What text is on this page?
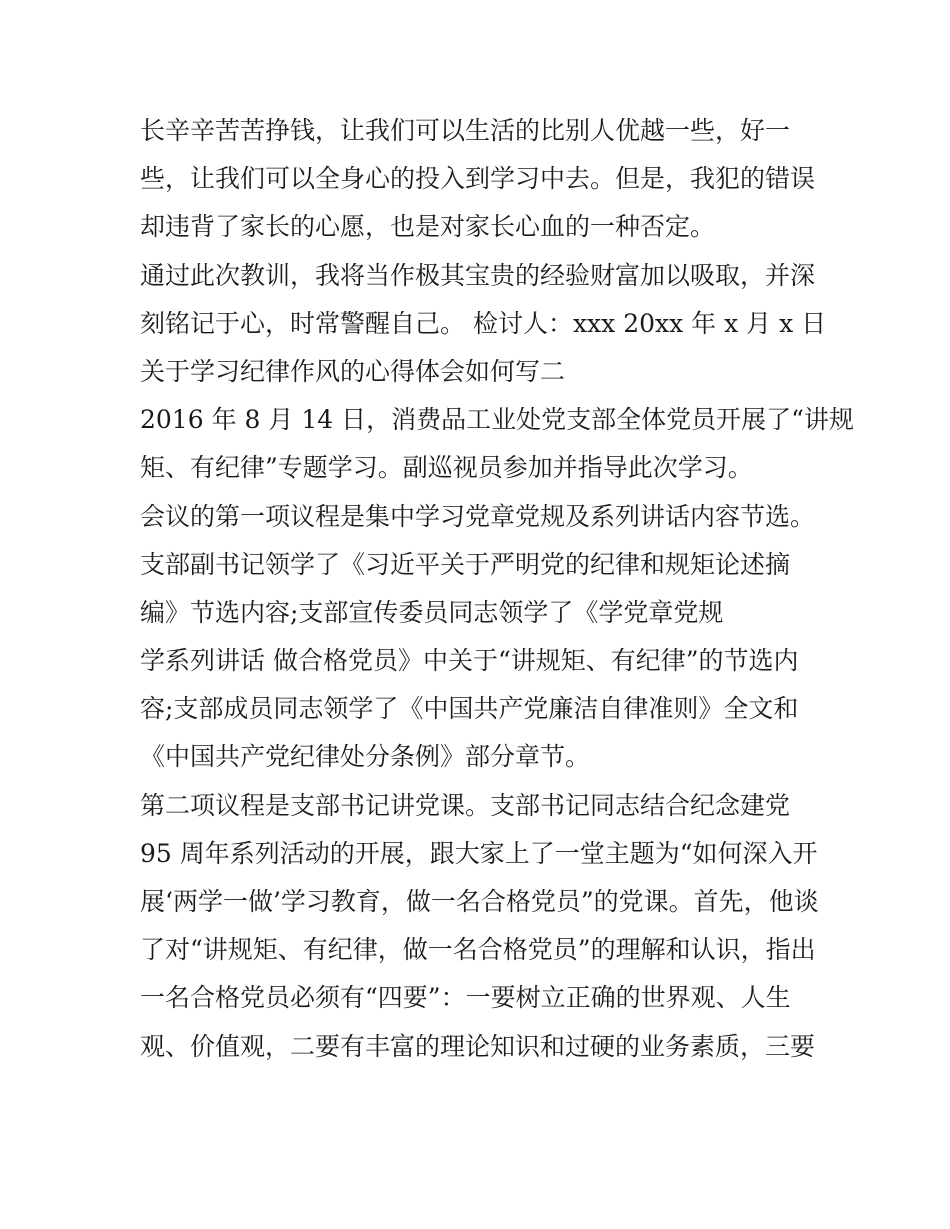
长辛辛苦苦挣钱，让我们可以生活的比别人优越一些，好一
些，让我们可以全身心的投入到学习中去。但是，我犯的错误
却违背了家长的心愿，也是对家长心血的一种否定。
通过此次教训，我将当作极其宝贵的经验财富加以吸取，并深
刻铭记于心，时常警醒自己。 检讨人：xxx 20xx 年 x 月 x 日
关于学习纪律作风的心得体会如何写二
2016 年 8 月 14 日，消费品工业处党支部全体党员开展了“讲规
矩、有纪律”专题学习。副巡视员参加并指导此次学习。
会议的第一项议程是集中学习党章党规及系列讲话内容节选。
支部副书记领学了《习近平关于严明党的纪律和规矩论述摘
编》节选内容;支部宣传委员同志领学了《学党章党规
学系列讲话 做合格党员》中关于“讲规矩、有纪律”的节选内
容;支部成员同志领学了《中国共产党廉洁自律准则》全文和
《中国共产党纪律处分条例》部分章节。
第二项议程是支部书记讲党课。支部书记同志结合纪念建党
95 周年系列活动的开展，跟大家上了一堂主题为“如何深入开
展‘两学一做’学习教育，做一名合格党员”的党课。首先，他谈
了对“讲规矩、有纪律，做一名合格党员”的理解和认识，指出
一名合格党员必须有“四要”：一要树立正确的世界观、人生
观、价值观，二要有丰富的理论知识和过硬的业务素质，三要
